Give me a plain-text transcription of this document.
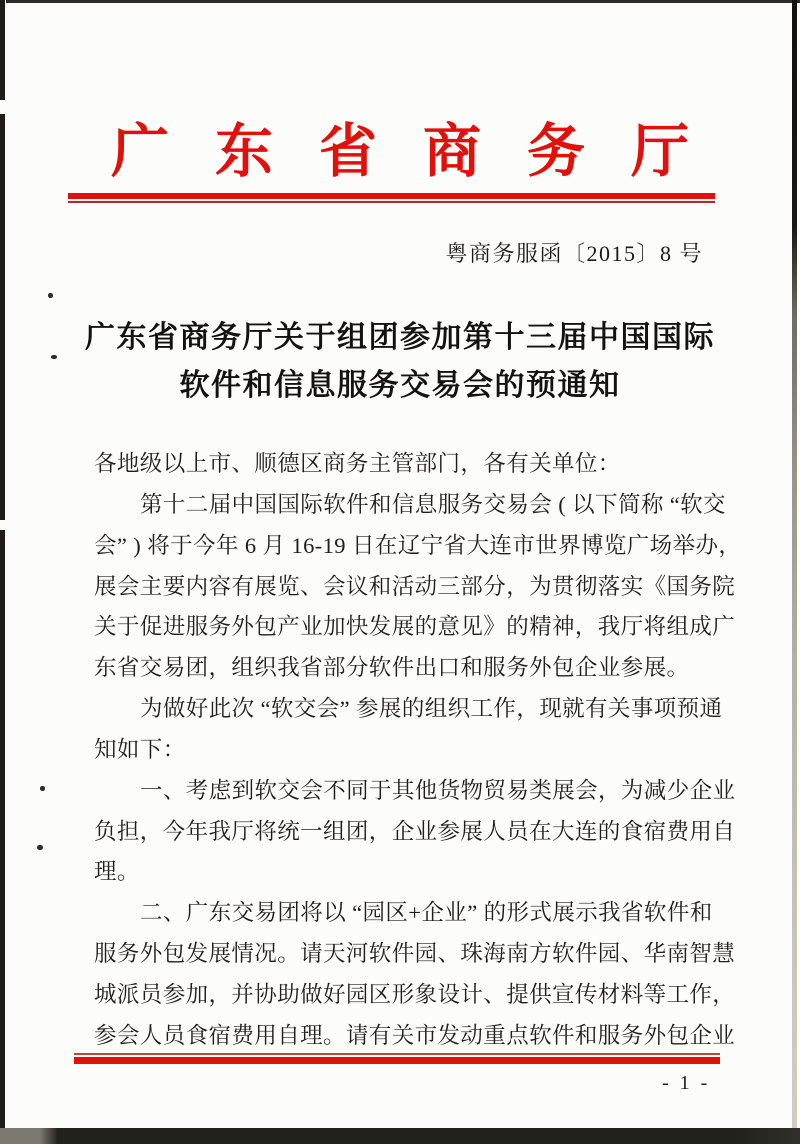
广东省商务厅
粤商务服函〔2015〕8 号
广东省商务厅关于组团参加第十三届中国国际
软件和信息服务交易会的预通知
各地级以上市、顺德区商务主管部门，各有关单位：
第十二届中国国际软件和信息服务交易会 ( 以下简称 “软交
会” ) 将于今年 6 月 16-19 日在辽宁省大连市世界博览广场举办，
展会主要内容有展览、会议和活动三部分，为贯彻落实《国务院
关于促进服务外包产业加快发展的意见》的精神，我厅将组成广
东省交易团，组织我省部分软件出口和服务外包企业参展。
为做好此次 “软交会” 参展的组织工作，现就有关事项预通
知如下：
一、考虑到软交会不同于其他货物贸易类展会，为减少企业
负担，今年我厅将统一组团，企业参展人员在大连的食宿费用自
理。
二、广东交易团将以 “园区+企业” 的形式展示我省软件和
服务外包发展情况。请天河软件园、珠海南方软件园、华南智慧
城派员参加，并协助做好园区形象设计、提供宣传材料等工作，
参会人员食宿费用自理。请有关市发动重点软件和服务外包企业
- 1 -
